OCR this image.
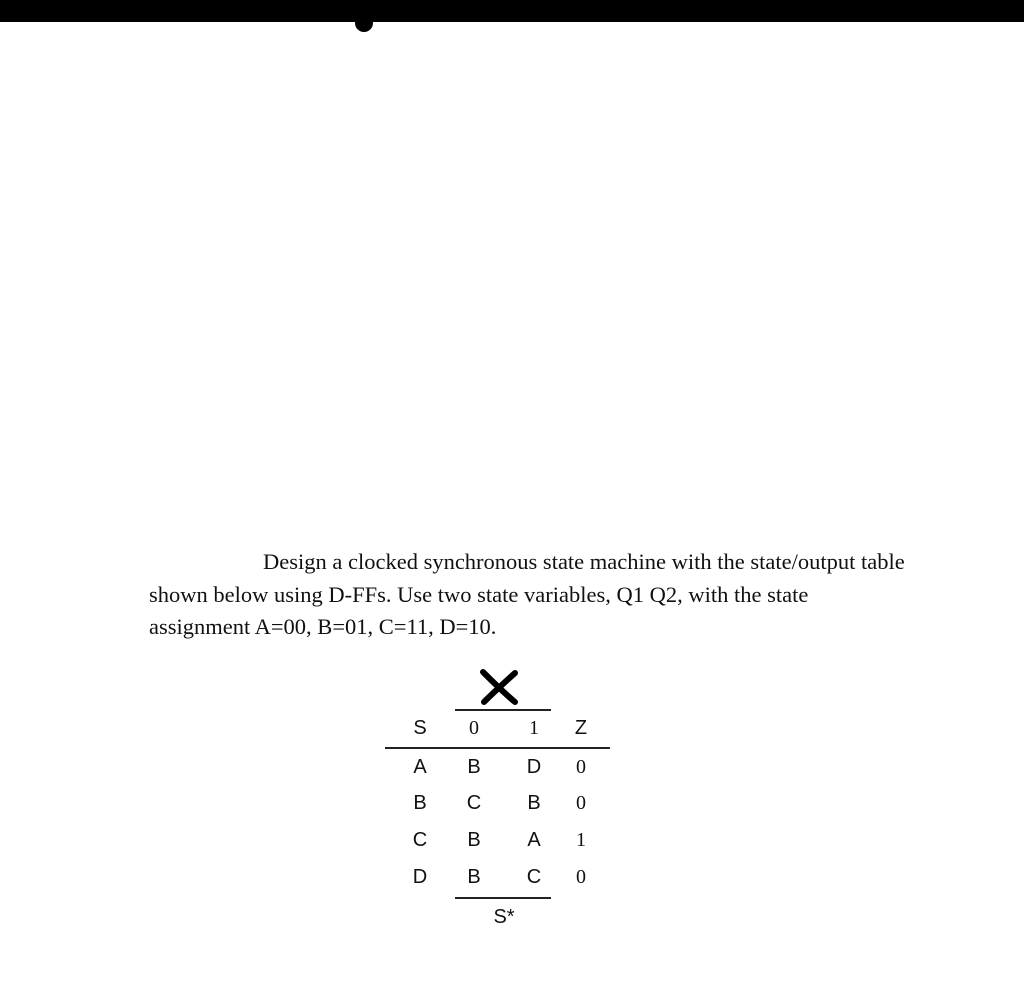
Design a clocked synchronous state machine with the state/output table
shown below using D-FFs. Use two state variables, Q1 Q2, with the state
assignment A=00, B=01, C=11, D=10.
S	0	1	Z
A	B	D	0
B	C	B	0
C	B	A	1
D	B	C	0
S*
